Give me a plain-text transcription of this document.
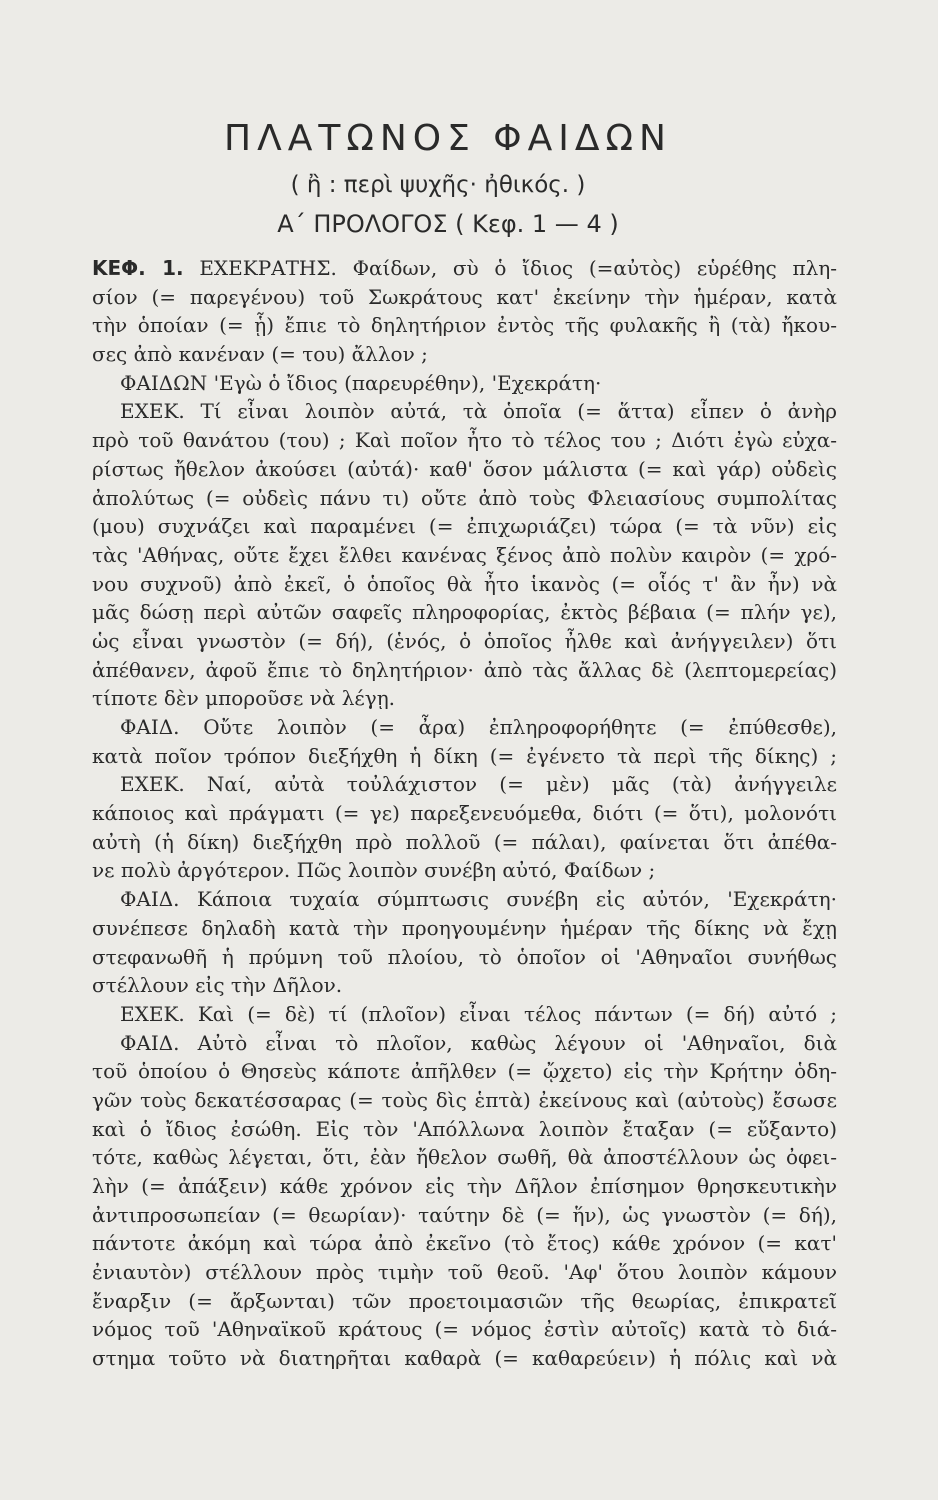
ΠΛΑΤΩΝΟΣ ΦΑΙΔΩΝ
( ἢ : περὶ ψυχῆς· ἠθικός. )
Α΄ ΠΡΟΛΟΓΟΣ ( Κεφ. 1 — 4 )
ΚΕΦ. 1. ΕΧΕΚΡΑΤΗΣ. Φαίδων, σὺ ὁ ἴδιος (=αὐτὸς) εὑρέθης πλη-
σίον (= παρεγένου) τοῦ Σωκράτους κατ' ἐκείνην τὴν ἡμέραν, κατὰ
τὴν ὁποίαν (= ᾗ) ἔπιε τὸ δηλητήριον ἐντὸς τῆς φυλακῆς ἢ (τὰ) ἤκου-
σες ἀπὸ κανέναν (= του) ἄλλον ;
ΦΑΙΔΩΝ 'Εγὼ ὁ ἴδιος (παρευρέθην), 'Εχεκράτη·
ΕΧΕΚ. Τί εἶναι λοιπὸν αὐτά, τὰ ὁποῖα (= ἅττα) εἶπεν ὁ ἀνὴρ
πρὸ τοῦ θανάτου (του) ; Καὶ ποῖον ἦτο τὸ τέλος του ; Διότι ἐγὼ εὐχα-
ρίστως ἤθελον ἀκούσει (αὐτά)· καθ' ὅσον μάλιστα (= καὶ γάρ) οὐδεὶς
ἀπολύτως (= οὐδεὶς πάνυ τι) οὔτε ἀπὸ τοὺς Φλειασίους συμπολίτας
(μου) συχνάζει καὶ παραμένει (= ἐπιχωριάζει) τώρα (= τὰ νῦν) εἰς
τὰς 'Αθήνας, οὔτε ἔχει ἔλθει κανένας ξένος ἀπὸ πολὺν καιρὸν (= χρό-
νου συχνοῦ) ἀπὸ ἐκεῖ, ὁ ὁποῖος θὰ ἦτο ἱκανὸς (= οἷός τ' ἂν ἦν) νὰ
μᾶς δώσῃ περὶ αὐτῶν σαφεῖς πληροφορίας, ἐκτὸς βέβαια (= πλήν γε),
ὡς εἶναι γνωστὸν (= δή), (ἑνός, ὁ ὁποῖος ἦλθε καὶ ἀνήγγειλεν) ὅτι
ἀπέθανεν, ἀφοῦ ἔπιε τὸ δηλητήριον· ἀπὸ τὰς ἄλλας δὲ (λεπτομερείας)
τίποτε δὲν μποροῦσε νὰ λέγῃ.
ΦΑΙΔ. Οὔτε λοιπὸν (= ἆρα) ἐπληροφορήθητε (= ἐπύθεσθε),
κατὰ ποῖον τρόπον διεξήχθη ἡ δίκη (= ἐγένετο τὰ περὶ τῆς δίκης) ;
ΕΧΕΚ. Ναί, αὐτὰ τοὐλάχιστον (= μὲν) μᾶς (τὰ) ἀνήγγειλε
κάποιος καὶ πράγματι (= γε) παρεξενευόμεθα, διότι (= ὅτι), μολονότι
αὐτὴ (ἡ δίκη) διεξήχθη πρὸ πολλοῦ (= πάλαι), φαίνεται ὅτι ἀπέθα-
νε πολὺ ἀργότερον. Πῶς λοιπὸν συνέβη αὐτό, Φαίδων ;
ΦΑΙΔ. Κάποια τυχαία σύμπτωσις συνέβη εἰς αὐτόν, 'Εχεκράτη·
συνέπεσε δηλαδὴ κατὰ τὴν προηγουμένην ἡμέραν τῆς δίκης νὰ ἔχῃ
στεφανωθῆ ἡ πρύμνη τοῦ πλοίου, τὸ ὁποῖον οἱ 'Αθηναῖοι συνήθως
στέλλουν εἰς τὴν Δῆλον.
ΕΧΕΚ. Καὶ (= δὲ) τί (πλοῖον) εἶναι τέλος πάντων (= δή) αὐτό ;
ΦΑΙΔ. Αὐτὸ εἶναι τὸ πλοῖον, καθὼς λέγουν οἱ 'Αθηναῖοι, διὰ
τοῦ ὁποίου ὁ Θησεὺς κάποτε ἀπῆλθεν (= ᾤχετο) εἰς τὴν Κρήτην ὁδη-
γῶν τοὺς δεκατέσσαρας (= τοὺς δὶς ἑπτὰ) ἐκείνους καὶ (αὐτοὺς) ἔσωσε
καὶ ὁ ἴδιος ἐσώθη. Εἰς τὸν 'Απόλλωνα λοιπὸν ἔταξαν (= εὔξαντο)
τότε, καθὼς λέγεται, ὅτι, ἐὰν ἤθελον σωθῆ, θὰ ἀποστέλλουν ὡς ὀφει-
λὴν (= ἀπάξειν) κάθε χρόνον εἰς τὴν Δῆλον ἐπίσημον θρησκευτικὴν
ἀντιπροσωπείαν (= θεωρίαν)· ταύτην δὲ (= ἥν), ὡς γνωστὸν (= δή),
πάντοτε ἀκόμη καὶ τώρα ἀπὸ ἐκεῖνο (τὸ ἔτος) κάθε χρόνον (= κατ'
ἐνιαυτὸν) στέλλουν πρὸς τιμὴν τοῦ θεοῦ. 'Αφ' ὅτου λοιπὸν κάμουν
ἔναρξιν (= ἄρξωνται) τῶν προετοιμασιῶν τῆς θεωρίας, ἐπικρατεῖ
νόμος τοῦ 'Αθηναϊκοῦ κράτους (= νόμος ἐστὶν αὐτοῖς) κατὰ τὸ διά-
στημα τοῦτο νὰ διατηρῆται καθαρὰ (= καθαρεύειν) ἡ πόλις καὶ νὰ
